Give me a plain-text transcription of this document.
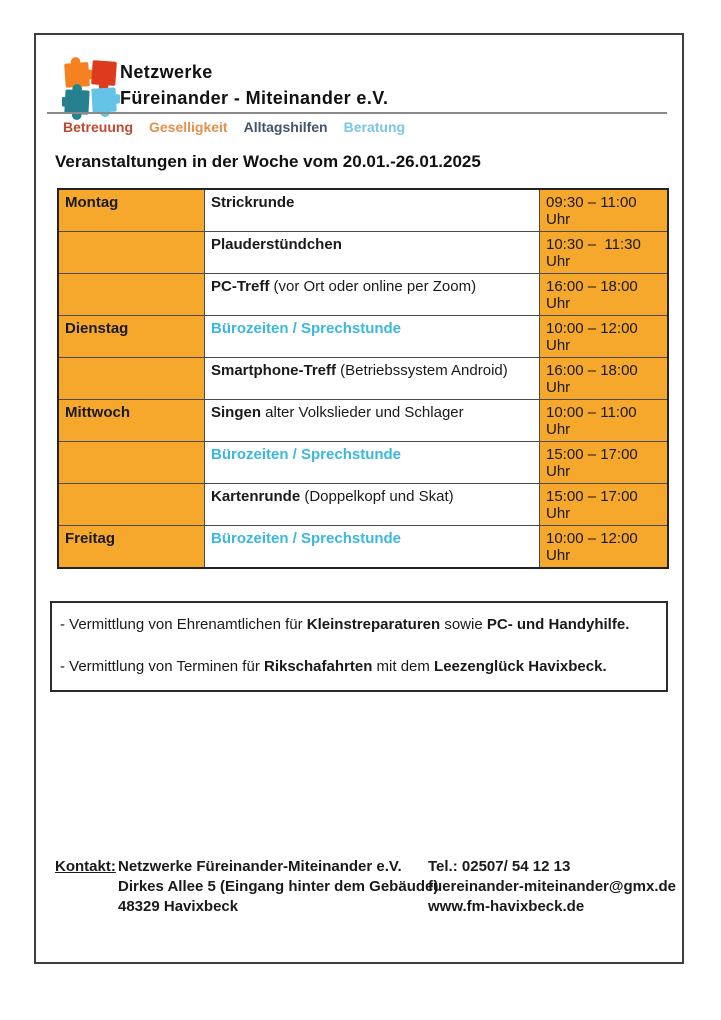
Netzwerke
Füreinander - Miteinander e.V.
Betreuung Geselligkeit Alltagshilfen Beratung
Veranstaltungen in der Woche vom 20.01.-26.01.2025
Montag	Strickrunde	09:30 – 11:00 Uhr
	Plauderstündchen	10:30 –  11:30 Uhr
	PC-Treff (vor Ort oder online per Zoom)	16:00 – 18:00 Uhr
Dienstag	Bürozeiten / Sprechstunde	10:00 – 12:00 Uhr
	Smartphone-Treff (Betriebssystem Android)	16:00 – 18:00 Uhr
Mittwoch	Singen alter Volkslieder und Schlager	10:00 – 11:00 Uhr
	Bürozeiten / Sprechstunde	15:00 – 17:00 Uhr
	Kartenrunde (Doppelkopf und Skat)	15:00 – 17:00 Uhr
Freitag	Bürozeiten / Sprechstunde	10:00 – 12:00 Uhr

- Vermittlung von Ehrenamtlichen für Kleinstreparaturen sowie PC- und Handyhilfe.

- Vermittlung von Terminen für Rikschafahrten mit dem Leezenglück Havixbeck.

Kontakt: Netzwerke Füreinander-Miteinander e.V.
Dirkes Allee 5 (Eingang hinter dem Gebäude)
48329 Havixbeck
Tel.: 02507/ 54 12 13
fuereinander-miteinander@gmx.de
www.fm-havixbeck.de
